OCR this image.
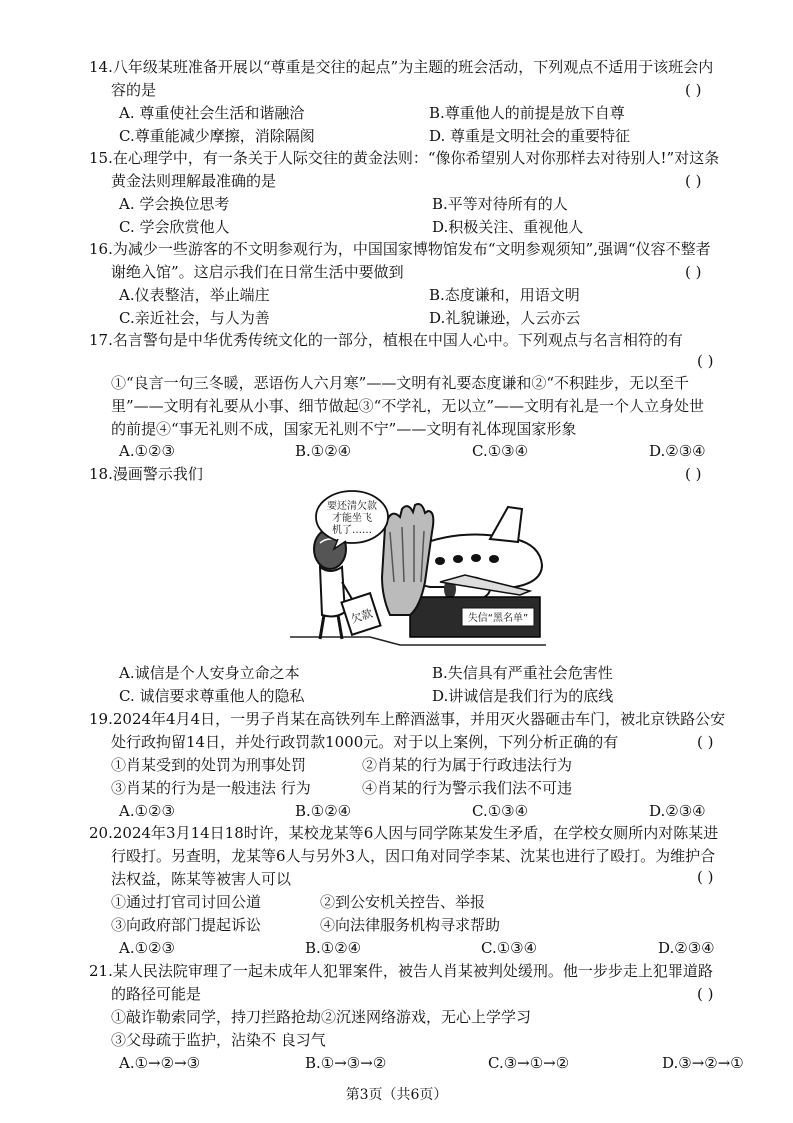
14.八年级某班准备开展以“尊重是交往的起点”为主题的班会活动，下列观点不适用于该班会内
容的是	( )
A. 尊重使社会生活和谐融洽	B.尊重他人的前提是放下自尊
C.尊重能减少摩擦，消除隔阂	D. 尊重是文明社会的重要特征
15.在心理学中，有一条关于人际交往的黄金法则：“像你希望别人对你那样去对待别人!”对这条
黄金法则理解最准确的是	( )
A. 学会换位思考	B.平等对待所有的人
C. 学会欣赏他人	D.积极关注、重视他人
16.为减少一些游客的不文明参观行为，中国国家博物馆发布“文明参观须知”,强调“仪容不整者
谢绝入馆”。这启示我们在日常生活中要做到	( )
A.仪表整洁，举止端庄	B.态度谦和，用语文明
C.亲近社会，与人为善	D.礼貌谦逊，人云亦云
17.名言警句是中华优秀传统文化的一部分，植根在中国人心中。下列观点与名言相符的有
( )
①“良言一句三冬暖，恶语伤人六月寒”——文明有礼要态度谦和②“不积跬步，无以至千
里”——文明有礼要从小事、细节做起③“不学礼，无以立”——文明有礼是一个人立身处世
的前提④“事无礼则不成，国家无礼则不宁”——文明有礼体现国家形象
A.①②③	B.①②④	C.①③④	D.②③④
18.漫画警示我们	( )
要还清欠款
才能坐飞
机了……
欠款	失信“黑名单”
A.诚信是个人安身立命之本	B.失信具有严重社会危害性
C. 诚信要求尊重他人的隐私	D.讲诚信是我们行为的底线
19.2024年4月4日，一男子肖某在高铁列车上醉酒滋事，并用灭火器砸击车门，被北京铁路公安
处行政拘留14日，并处行政罚款1000元。对于以上案例，下列分析正确的有	( )
①肖某受到的处罚为刑事处罚	②肖某的行为属于行政违法行为
③肖某的行为是一般违法 行为	④肖某的行为警示我们法不可违
A.①②③	B.①②④	C.①③④	D.②③④
20.2024年3月14日18时许，某校龙某等6人因与同学陈某发生矛盾，在学校女厕所内对陈某进
行殴打。另查明，龙某等6人与另外3人，因口角对同学李某、沈某也进行了殴打。为维护合
法权益，陈某等被害人可以	( )
①通过打官司讨回公道	②到公安机关控告、举报
③向政府部门提起诉讼	④向法律服务机构寻求帮助
A.①②③	B.①②④	C.①③④	D.②③④
21.某人民法院审理了一起未成年人犯罪案件，被告人肖某被判处缓刑。他一步步走上犯罪道路
的路径可能是	( )
①敲诈勒索同学，持刀拦路抢劫②沉迷网络游戏，无心上学学习
③父母疏于监护，沾染不 良习气
A.①→②→③	B.①→③→②	C.③→①→②	D.③→②→①
第3页（共6页）
